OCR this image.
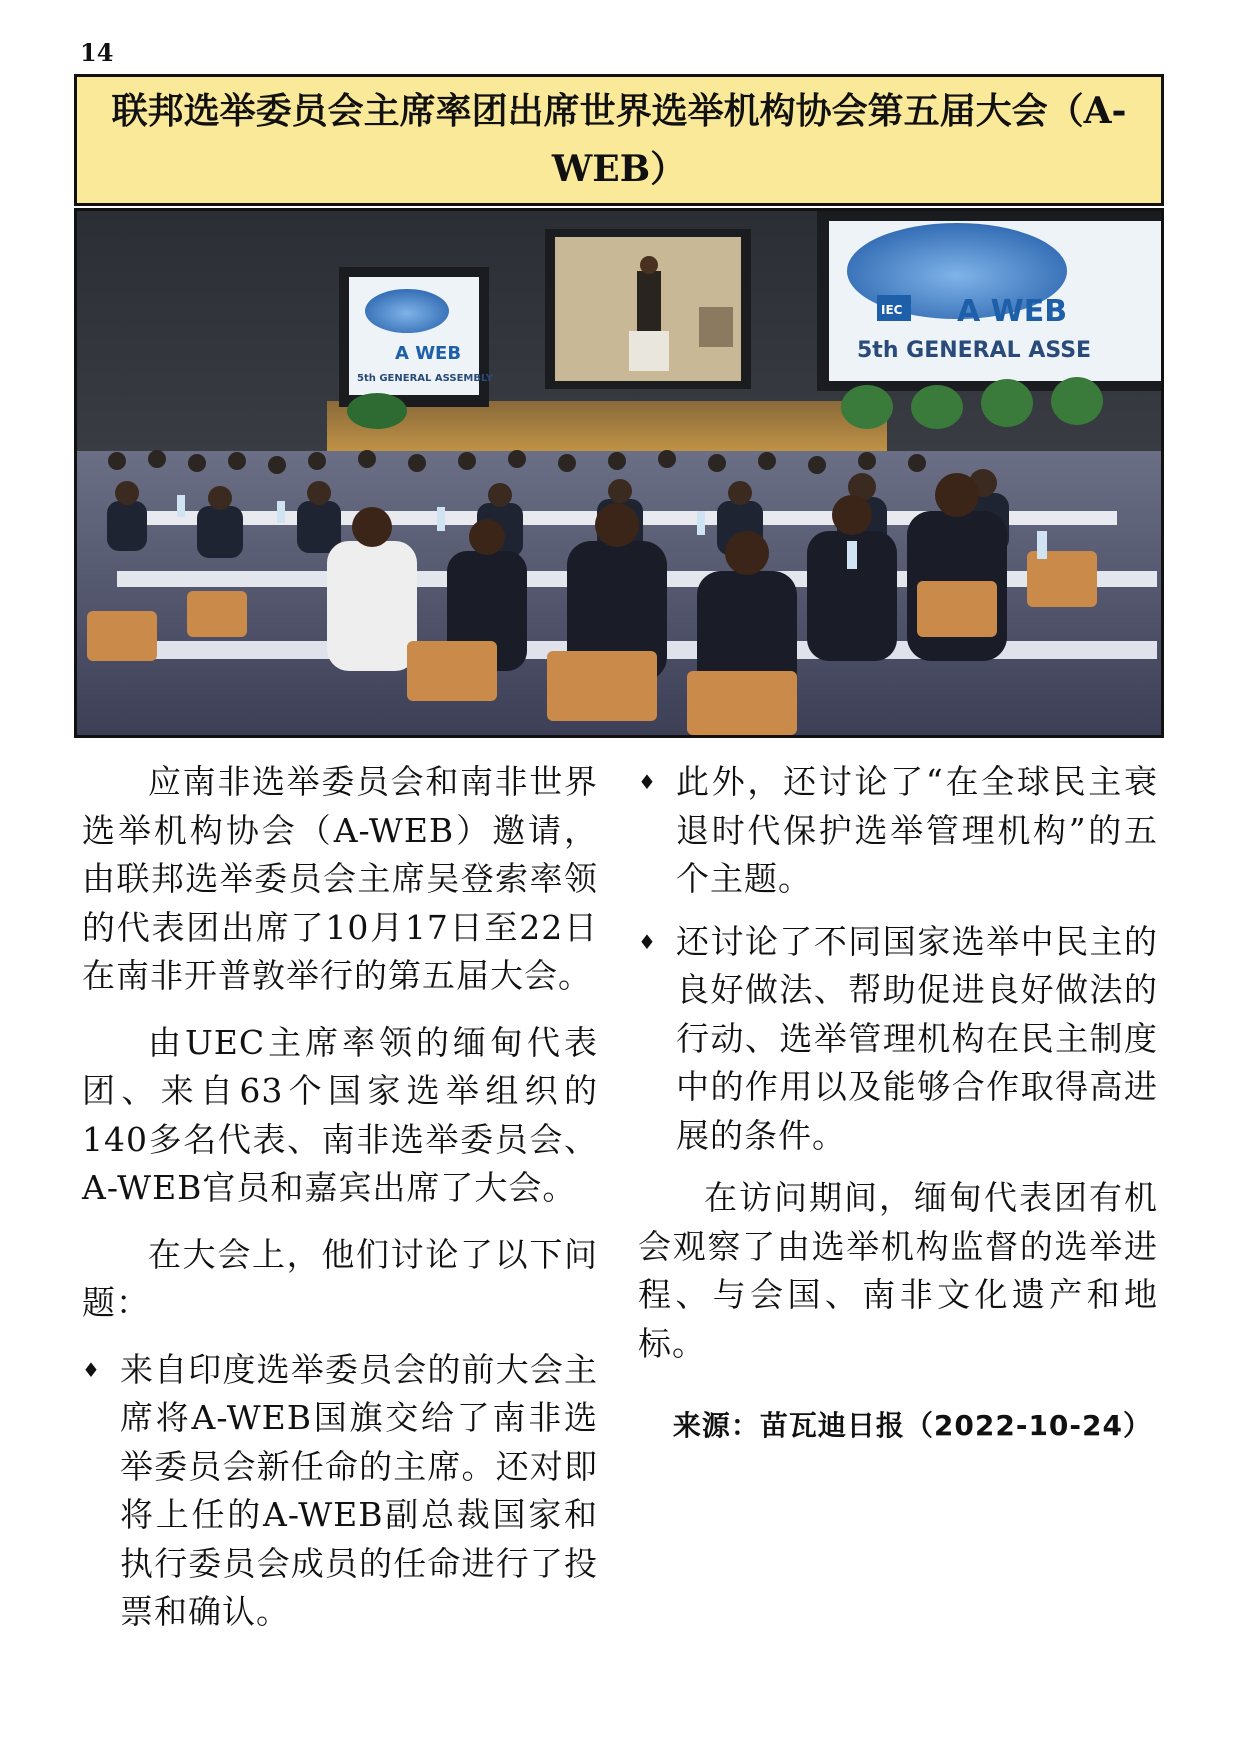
14
联邦选举委员会主席率团出席世界选举机构协会第五届大会（A-WEB）
A WEB
5th GENERAL ASSEMBLY
IEC A WEB
5th GENERAL ASSE

应南非选举委员会和南非世界选举机构协会（A-WEB）邀请，由联邦选举委员会主席吴登索率领的代表团出席了10月17日至22日在南非开普敦举行的第五届大会。

由UEC主席率领的缅甸代表团、来自63个国家选举组织的140多名代表、南非选举委员会、A-WEB官员和嘉宾出席了大会。

在大会上，他们讨论了以下问题：

♦ 来自印度选举委员会的前大会主席将A-WEB国旗交给了南非选举委员会新任命的主席。还对即将上任的A-WEB副总裁国家和执行委员会成员的任命进行了投票和确认。
♦ 此外，还讨论了“在全球民主衰退时代保护选举管理机构”的五个主题。
♦ 还讨论了不同国家选举中民主的良好做法、帮助促进良好做法的行动、选举管理机构在民主制度中的作用以及能够合作取得高进展的条件。

在访问期间，缅甸代表团有机会观察了由选举机构监督的选举进程、与会国、南非文化遗产和地标。

来源：苗瓦迪日报（2022-10-24）
